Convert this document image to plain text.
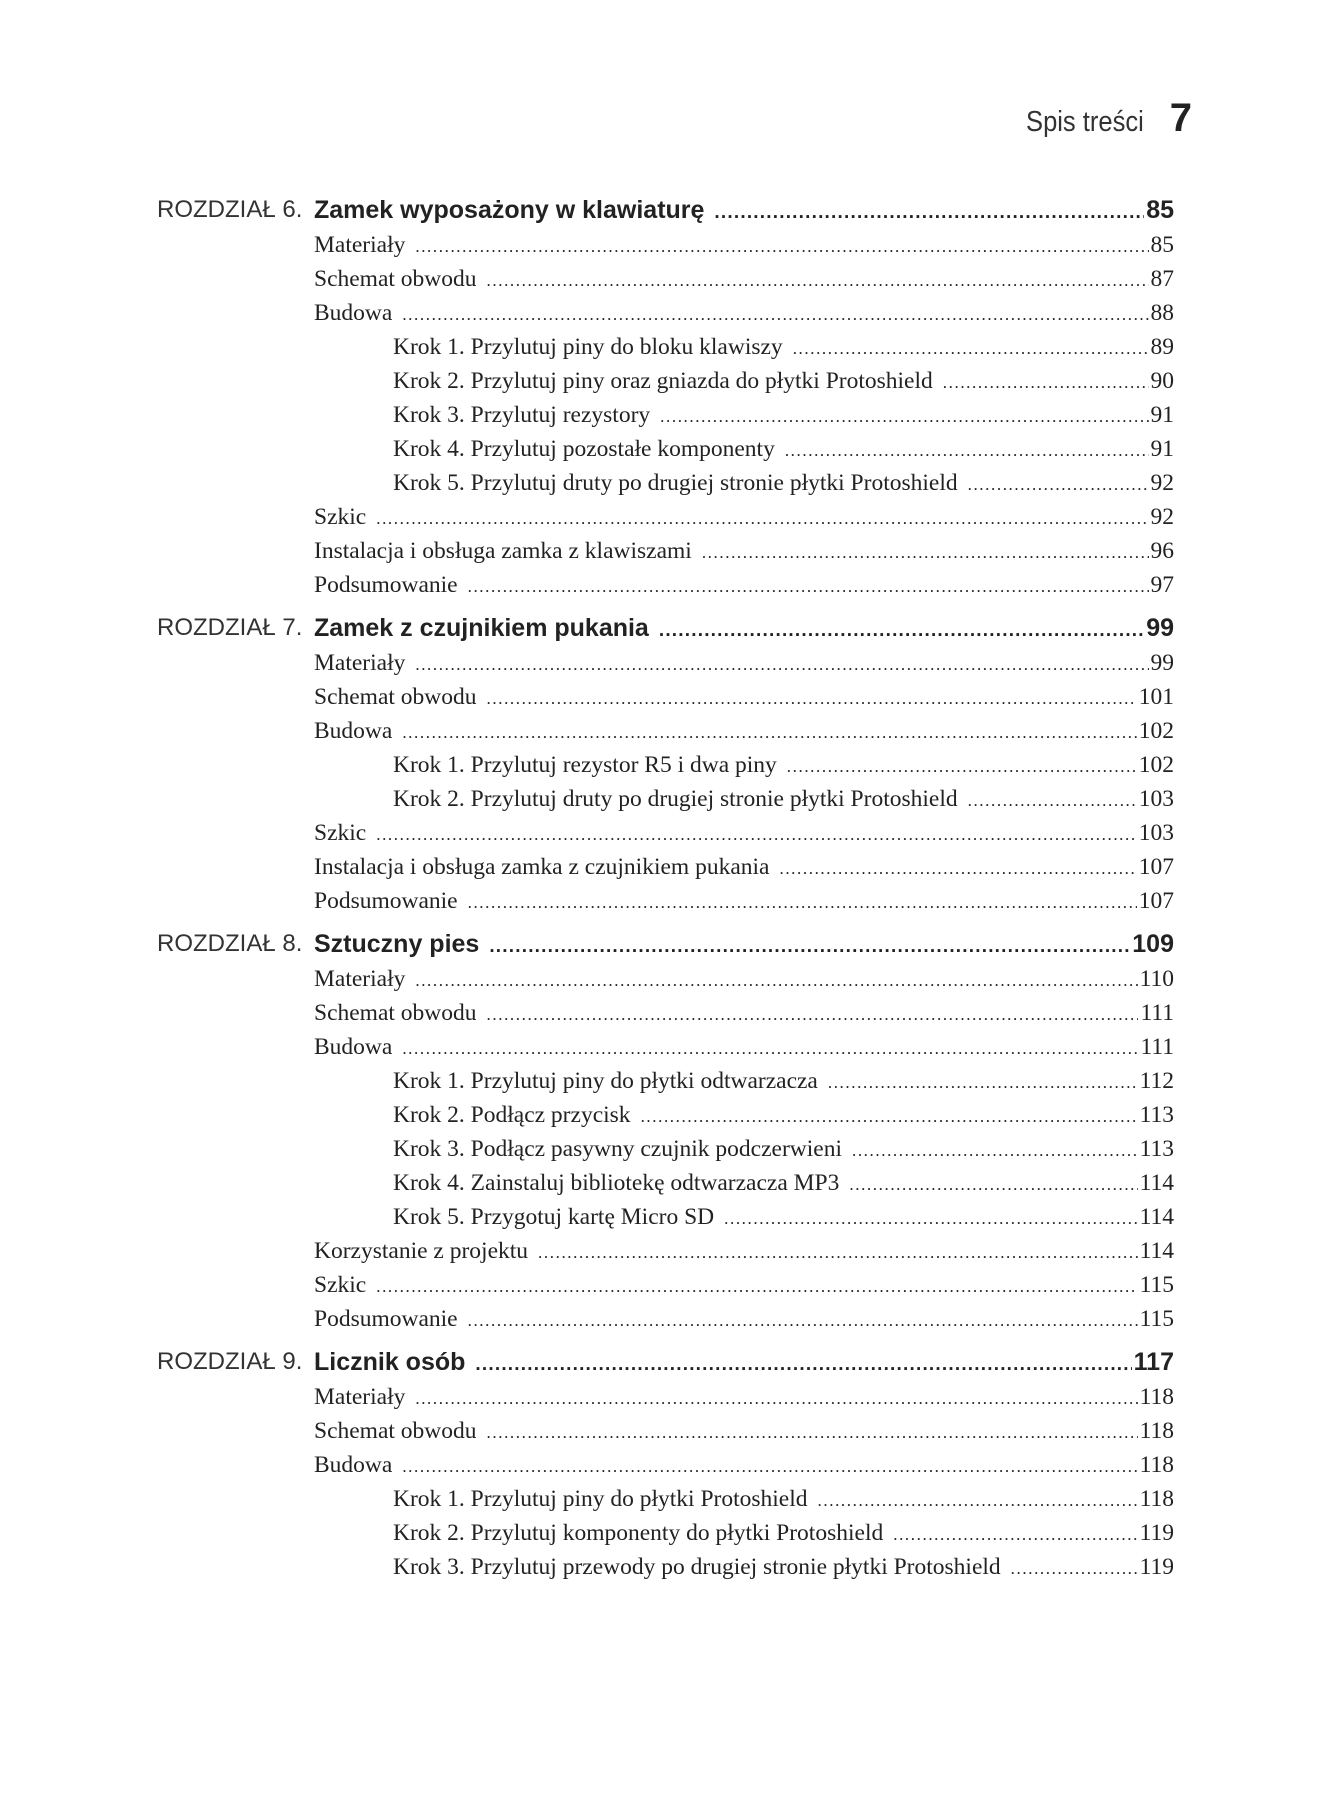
Spis treści 7
ROZDZIAŁ 6. Zamek wyposażony w klawiaturę .....	85
Materiały .....	85
Schemat obwodu .....	87
Budowa .....	88
Krok 1. Przylutuj piny do bloku klawiszy .....	89
Krok 2. Przylutuj piny oraz gniazda do płytki Protoshield .....	90
Krok 3. Przylutuj rezystory .....	91
Krok 4. Przylutuj pozostałe komponenty .....	91
Krok 5. Przylutuj druty po drugiej stronie płytki Protoshield .....	92
Szkic .....	92
Instalacja i obsługa zamka z klawiszami .....	96
Podsumowanie .....	97
ROZDZIAŁ 7. Zamek z czujnikiem pukania .....	99
Materiały .....	99
Schemat obwodu .....	101
Budowa .....	102
Krok 1. Przylutuj rezystor R5 i dwa piny .....	102
Krok 2. Przylutuj druty po drugiej stronie płytki Protoshield .....	103
Szkic .....	103
Instalacja i obsługa zamka z czujnikiem pukania .....	107
Podsumowanie .....	107
ROZDZIAŁ 8. Sztuczny pies .....	109
Materiały .....	110
Schemat obwodu .....	111
Budowa .....	111
Krok 1. Przylutuj piny do płytki odtwarzacza .....	112
Krok 2. Podłącz przycisk .....	113
Krok 3. Podłącz pasywny czujnik podczerwieni .....	113
Krok 4. Zainstaluj bibliotekę odtwarzacza MP3 .....	114
Krok 5. Przygotuj kartę Micro SD .....	114
Korzystanie z projektu .....	114
Szkic .....	115
Podsumowanie .....	115
ROZDZIAŁ 9. Licznik osób .....	117
Materiały .....	118
Schemat obwodu .....	118
Budowa .....	118
Krok 1. Przylutuj piny do płytki Protoshield .....	118
Krok 2. Przylutuj komponenty do płytki Protoshield .....	119
Krok 3. Przylutuj przewody po drugiej stronie płytki Protoshield .....	119
